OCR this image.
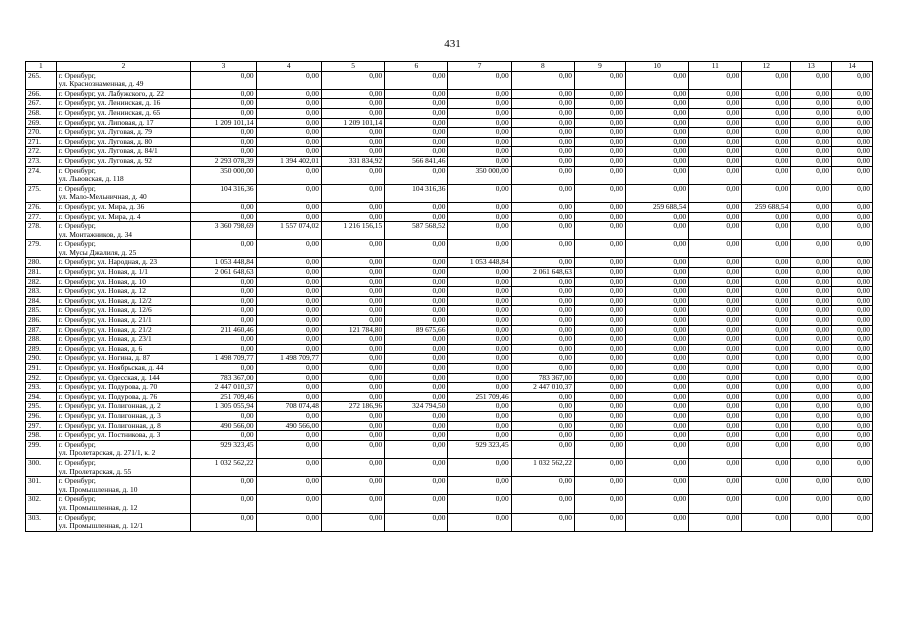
431
1	2	3	4	5	6	7	8	9	10	11	12	13	14
265.	г. Оренбург,
ул. Краснознаменная, д. 49	0,00	0,00	0,00	0,00	0,00	0,00	0,00	0,00	0,00	0,00	0,00	0,00
266.	г. Оренбург, ул. Лабужского, д. 22	0,00	0,00	0,00	0,00	0,00	0,00	0,00	0,00	0,00	0,00	0,00	0,00
267.	г. Оренбург, ул. Ленинская, д. 16	0,00	0,00	0,00	0,00	0,00	0,00	0,00	0,00	0,00	0,00	0,00	0,00
268.	г. Оренбург, ул. Ленинская, д. 65	0,00	0,00	0,00	0,00	0,00	0,00	0,00	0,00	0,00	0,00	0,00	0,00
269.	г. Оренбург, ул. Липовая, д. 17	1 209 101,14	0,00	1 209 101,14	0,00	0,00	0,00	0,00	0,00	0,00	0,00	0,00	0,00
270.	г. Оренбург, ул. Луговая, д. 79	0,00	0,00	0,00	0,00	0,00	0,00	0,00	0,00	0,00	0,00	0,00	0,00
271.	г. Оренбург, ул. Луговая, д. 80	0,00	0,00	0,00	0,00	0,00	0,00	0,00	0,00	0,00	0,00	0,00	0,00
272.	г. Оренбург, ул. Луговая, д. 84/1	0,00	0,00	0,00	0,00	0,00	0,00	0,00	0,00	0,00	0,00	0,00	0,00
273.	г. Оренбург, ул. Луговая, д. 92	2 293 078,39	1 394 402,01	331 834,92	566 841,46	0,00	0,00	0,00	0,00	0,00	0,00	0,00	0,00
274.	г. Оренбург,
ул. Львовская, д. 118	350 000,00	0,00	0,00	0,00	350 000,00	0,00	0,00	0,00	0,00	0,00	0,00	0,00
275.	г. Оренбург,
ул. Мало-Мельничная, д. 40	104 316,36	0,00	0,00	104 316,36	0,00	0,00	0,00	0,00	0,00	0,00	0,00	0,00
276.	г. Оренбург, ул. Мира, д. 36	0,00	0,00	0,00	0,00	0,00	0,00	0,00	259 688,54	0,00	259 688,54	0,00	0,00
277.	г. Оренбург, ул. Мира, д. 4	0,00	0,00	0,00	0,00	0,00	0,00	0,00	0,00	0,00	0,00	0,00	0,00
278.	г. Оренбург,
ул. Монтажников, д. 34	3 360 798,69	1 557 074,02	1 216 156,15	587 568,52	0,00	0,00	0,00	0,00	0,00	0,00	0,00	0,00
279.	г. Оренбург,
ул. Мусы Джалиля, д. 25	0,00	0,00	0,00	0,00	0,00	0,00	0,00	0,00	0,00	0,00	0,00	0,00
280.	г. Оренбург, ул. Народная, д. 23	1 053 448,84	0,00	0,00	0,00	1 053 448,84	0,00	0,00	0,00	0,00	0,00	0,00	0,00
281.	г. Оренбург, ул. Новая, д. 1/1	2 061 648,63	0,00	0,00	0,00	0,00	2 061 648,63	0,00	0,00	0,00	0,00	0,00	0,00
282.	г. Оренбург, ул. Новая, д. 10	0,00	0,00	0,00	0,00	0,00	0,00	0,00	0,00	0,00	0,00	0,00	0,00
283.	г. Оренбург, ул. Новая, д. 12	0,00	0,00	0,00	0,00	0,00	0,00	0,00	0,00	0,00	0,00	0,00	0,00
284.	г. Оренбург, ул. Новая, д. 12/2	0,00	0,00	0,00	0,00	0,00	0,00	0,00	0,00	0,00	0,00	0,00	0,00
285.	г. Оренбург, ул. Новая, д. 12/6	0,00	0,00	0,00	0,00	0,00	0,00	0,00	0,00	0,00	0,00	0,00	0,00
286.	г. Оренбург, ул. Новая, д. 21/1	0,00	0,00	0,00	0,00	0,00	0,00	0,00	0,00	0,00	0,00	0,00	0,00
287.	г. Оренбург, ул. Новая, д. 21/2	211 460,46	0,00	121 784,80	89 675,66	0,00	0,00	0,00	0,00	0,00	0,00	0,00	0,00
288.	г. Оренбург, ул. Новая, д. 23/1	0,00	0,00	0,00	0,00	0,00	0,00	0,00	0,00	0,00	0,00	0,00	0,00
289.	г. Оренбург, ул. Новая, д. 6	0,00	0,00	0,00	0,00	0,00	0,00	0,00	0,00	0,00	0,00	0,00	0,00
290.	г. Оренбург, ул. Ногина, д. 87	1 498 709,77	1 498 709,77	0,00	0,00	0,00	0,00	0,00	0,00	0,00	0,00	0,00	0,00
291.	г. Оренбург, ул. Ноябрьская, д. 44	0,00	0,00	0,00	0,00	0,00	0,00	0,00	0,00	0,00	0,00	0,00	0,00
292.	г. Оренбург, ул. Одесская, д. 144	783 367,00	0,00	0,00	0,00	0,00	783 367,00	0,00	0,00	0,00	0,00	0,00	0,00
293.	г. Оренбург, ул. Подурова, д. 70	2 447 010,37	0,00	0,00	0,00	0,00	2 447 010,37	0,00	0,00	0,00	0,00	0,00	0,00
294.	г. Оренбург, ул. Подурова, д. 76	251 709,46	0,00	0,00	0,00	251 709,46	0,00	0,00	0,00	0,00	0,00	0,00	0,00
295.	г. Оренбург, ул. Полигонная, д. 2	1 305 055,94	708 074,48	272 186,96	324 794,50	0,00	0,00	0,00	0,00	0,00	0,00	0,00	0,00
296.	г. Оренбург, ул. Полигонная, д. 3	0,00	0,00	0,00	0,00	0,00	0,00	0,00	0,00	0,00	0,00	0,00	0,00
297.	г. Оренбург, ул. Полигонная, д. 8	490 566,00	490 566,00	0,00	0,00	0,00	0,00	0,00	0,00	0,00	0,00	0,00	0,00
298.	г. Оренбург, ул. Постникова, д. 3	0,00	0,00	0,00	0,00	0,00	0,00	0,00	0,00	0,00	0,00	0,00	0,00
299.	г. Оренбург,
ул. Пролетарская, д. 271/1, к. 2	929 323,45	0,00	0,00	0,00	929 323,45	0,00	0,00	0,00	0,00	0,00	0,00	0,00
300.	г. Оренбург,
ул. Пролетарская, д. 55	1 032 562,22	0,00	0,00	0,00	0,00	1 032 562,22	0,00	0,00	0,00	0,00	0,00	0,00
301.	г. Оренбург,
ул. Промышленная, д. 10	0,00	0,00	0,00	0,00	0,00	0,00	0,00	0,00	0,00	0,00	0,00	0,00
302.	г. Оренбург,
ул. Промышленная, д. 12	0,00	0,00	0,00	0,00	0,00	0,00	0,00	0,00	0,00	0,00	0,00	0,00
303.	г. Оренбург,
ул. Промышленная, д. 12/1	0,00	0,00	0,00	0,00	0,00	0,00	0,00	0,00	0,00	0,00	0,00	0,00
